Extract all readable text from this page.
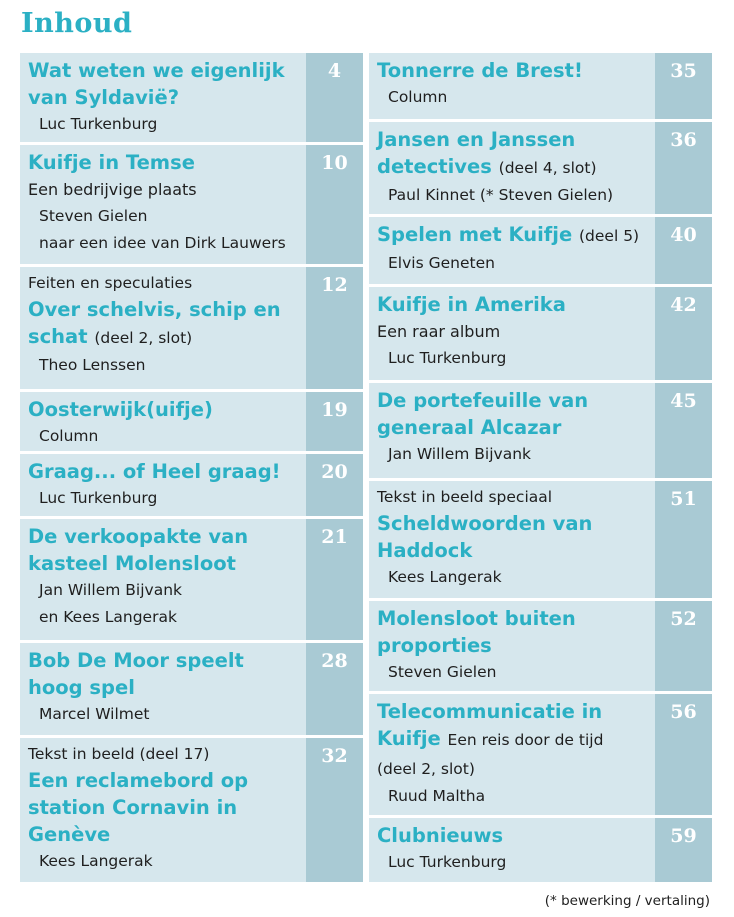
Inhoud
Wat weten we eigenlijk van Syldavië?
Luc Turkenburg
4
Kuifje in Temse
Een bedrijvige plaats
Steven Gielen
naar een idee van Dirk Lauwers
10
Feiten en speculaties
Over schelvis, schip en schat (deel 2, slot)
Theo Lenssen
12
Oosterwijk(uifje)
Column
19
Graag... of Heel graag!
Luc Turkenburg
20
De verkoopakte van kasteel Molensloot
Jan Willem Bijvank
en Kees Langerak
21
Bob De Moor speelt hoog spel
Marcel Wilmet
28
Tekst in beeld (deel 17)
Een reclamebord op station Cornavin in Genève
Kees Langerak
32
Tonnerre de Brest!
Column
35
Jansen en Janssen detectives (deel 4, slot)
Paul Kinnet (* Steven Gielen)
36
Spelen met Kuifje (deel 5)
Elvis Geneten
40
Kuifje in Amerika
Een raar album
Luc Turkenburg
42
De portefeuille van generaal Alcazar
Jan Willem Bijvank
45
Tekst in beeld speciaal
Scheldwoorden van Haddock
Kees Langerak
51
Molensloot buiten proporties
Steven Gielen
52
Telecommunicatie in Kuifje Een reis door de tijd (deel 2, slot)
Ruud Maltha
56
Clubnieuws
Luc Turkenburg
59
(* bewerking / vertaling)
